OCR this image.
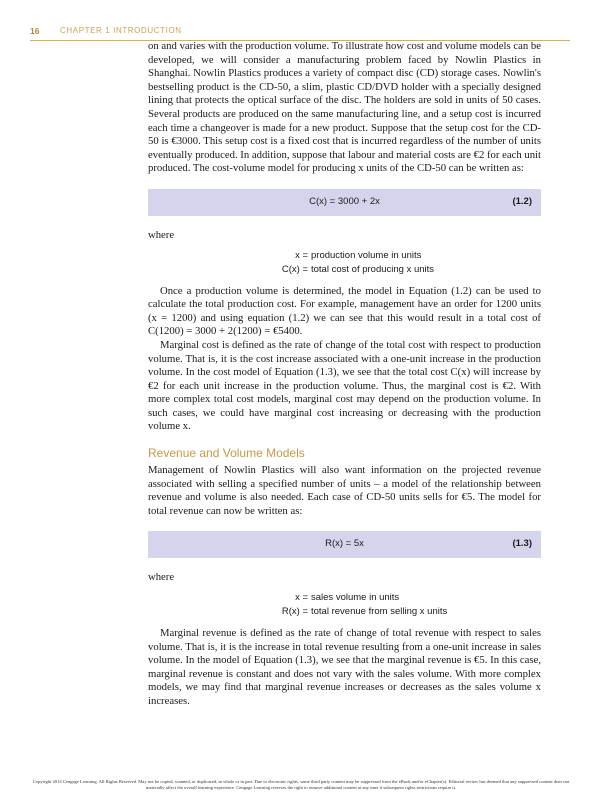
16	CHAPTER 1 INTRODUCTION

on and varies with the production volume. To illustrate how cost and volume models can be developed, we will consider a manufacturing problem faced by Nowlin Plastics in Shanghai. Nowlin Plastics produces a variety of compact disc (CD) storage cases. Nowlin's bestselling product is the CD-50, a slim, plastic CD/DVD holder with a specially designed lining that protects the optical surface of the disc. The holders are sold in units of 50 cases. Several products are produced on the same manufacturing line, and a setup cost is incurred each time a changeover is made for a new product. Suppose that the setup cost for the CD-50 is €3000. This setup cost is a fixed cost that is incurred regardless of the number of units eventually produced. In addition, suppose that labour and material costs are €2 for each unit produced. The cost-volume model for producing x units of the CD-50 can be written as:

C(x) = 3000 + 2x	(1.2)

where

x = production volume in units
C(x) = total cost of producing x units

Once a production volume is determined, the model in Equation (1.2) can be used to calculate the total production cost. For example, management have an order for 1200 units (x = 1200) and using equation (1.2) we can see that this would result in a total cost of C(1200) = 3000 + 2(1200) = €5400.

Marginal cost is defined as the rate of change of the total cost with respect to production volume. That is, it is the cost increase associated with a one-unit increase in the production volume. In the cost model of Equation (1.3), we see that the total cost C(x) will increase by €2 for each unit increase in the production volume. Thus, the marginal cost is €2. With more complex total cost models, marginal cost may depend on the production volume. In such cases, we could have marginal cost increasing or decreasing with the production volume x.

Revenue and Volume Models

Management of Nowlin Plastics will also want information on the projected revenue associated with selling a specified number of units – a model of the relationship between revenue and volume is also needed. Each case of CD-50 units sells for €5. The model for total revenue can now be written as:

R(x) = 5x	(1.3)

where

x = sales volume in units
R(x) = total revenue from selling x units

Marginal revenue is defined as the rate of change of total revenue with respect to sales volume. That is, it is the increase in total revenue resulting from a one-unit increase in sales volume. In the model of Equation (1.3), we see that the marginal revenue is €5. In this case, marginal revenue is constant and does not vary with the sales volume. With more complex models, we may find that marginal revenue increases or decreases as the sales volume x increases.

Copyright 2014 Cengage Learning. All Rights Reserved. May not be copied, scanned, or duplicated, in whole or in part. Due to electronic rights, some third party content may be suppressed from the eBook and/or eChapter(s). Editorial review has deemed that any suppressed content does not materially affect the overall learning experience. Cengage Learning reserves the right to remove additional content at any time if subsequent rights restrictions require it.
